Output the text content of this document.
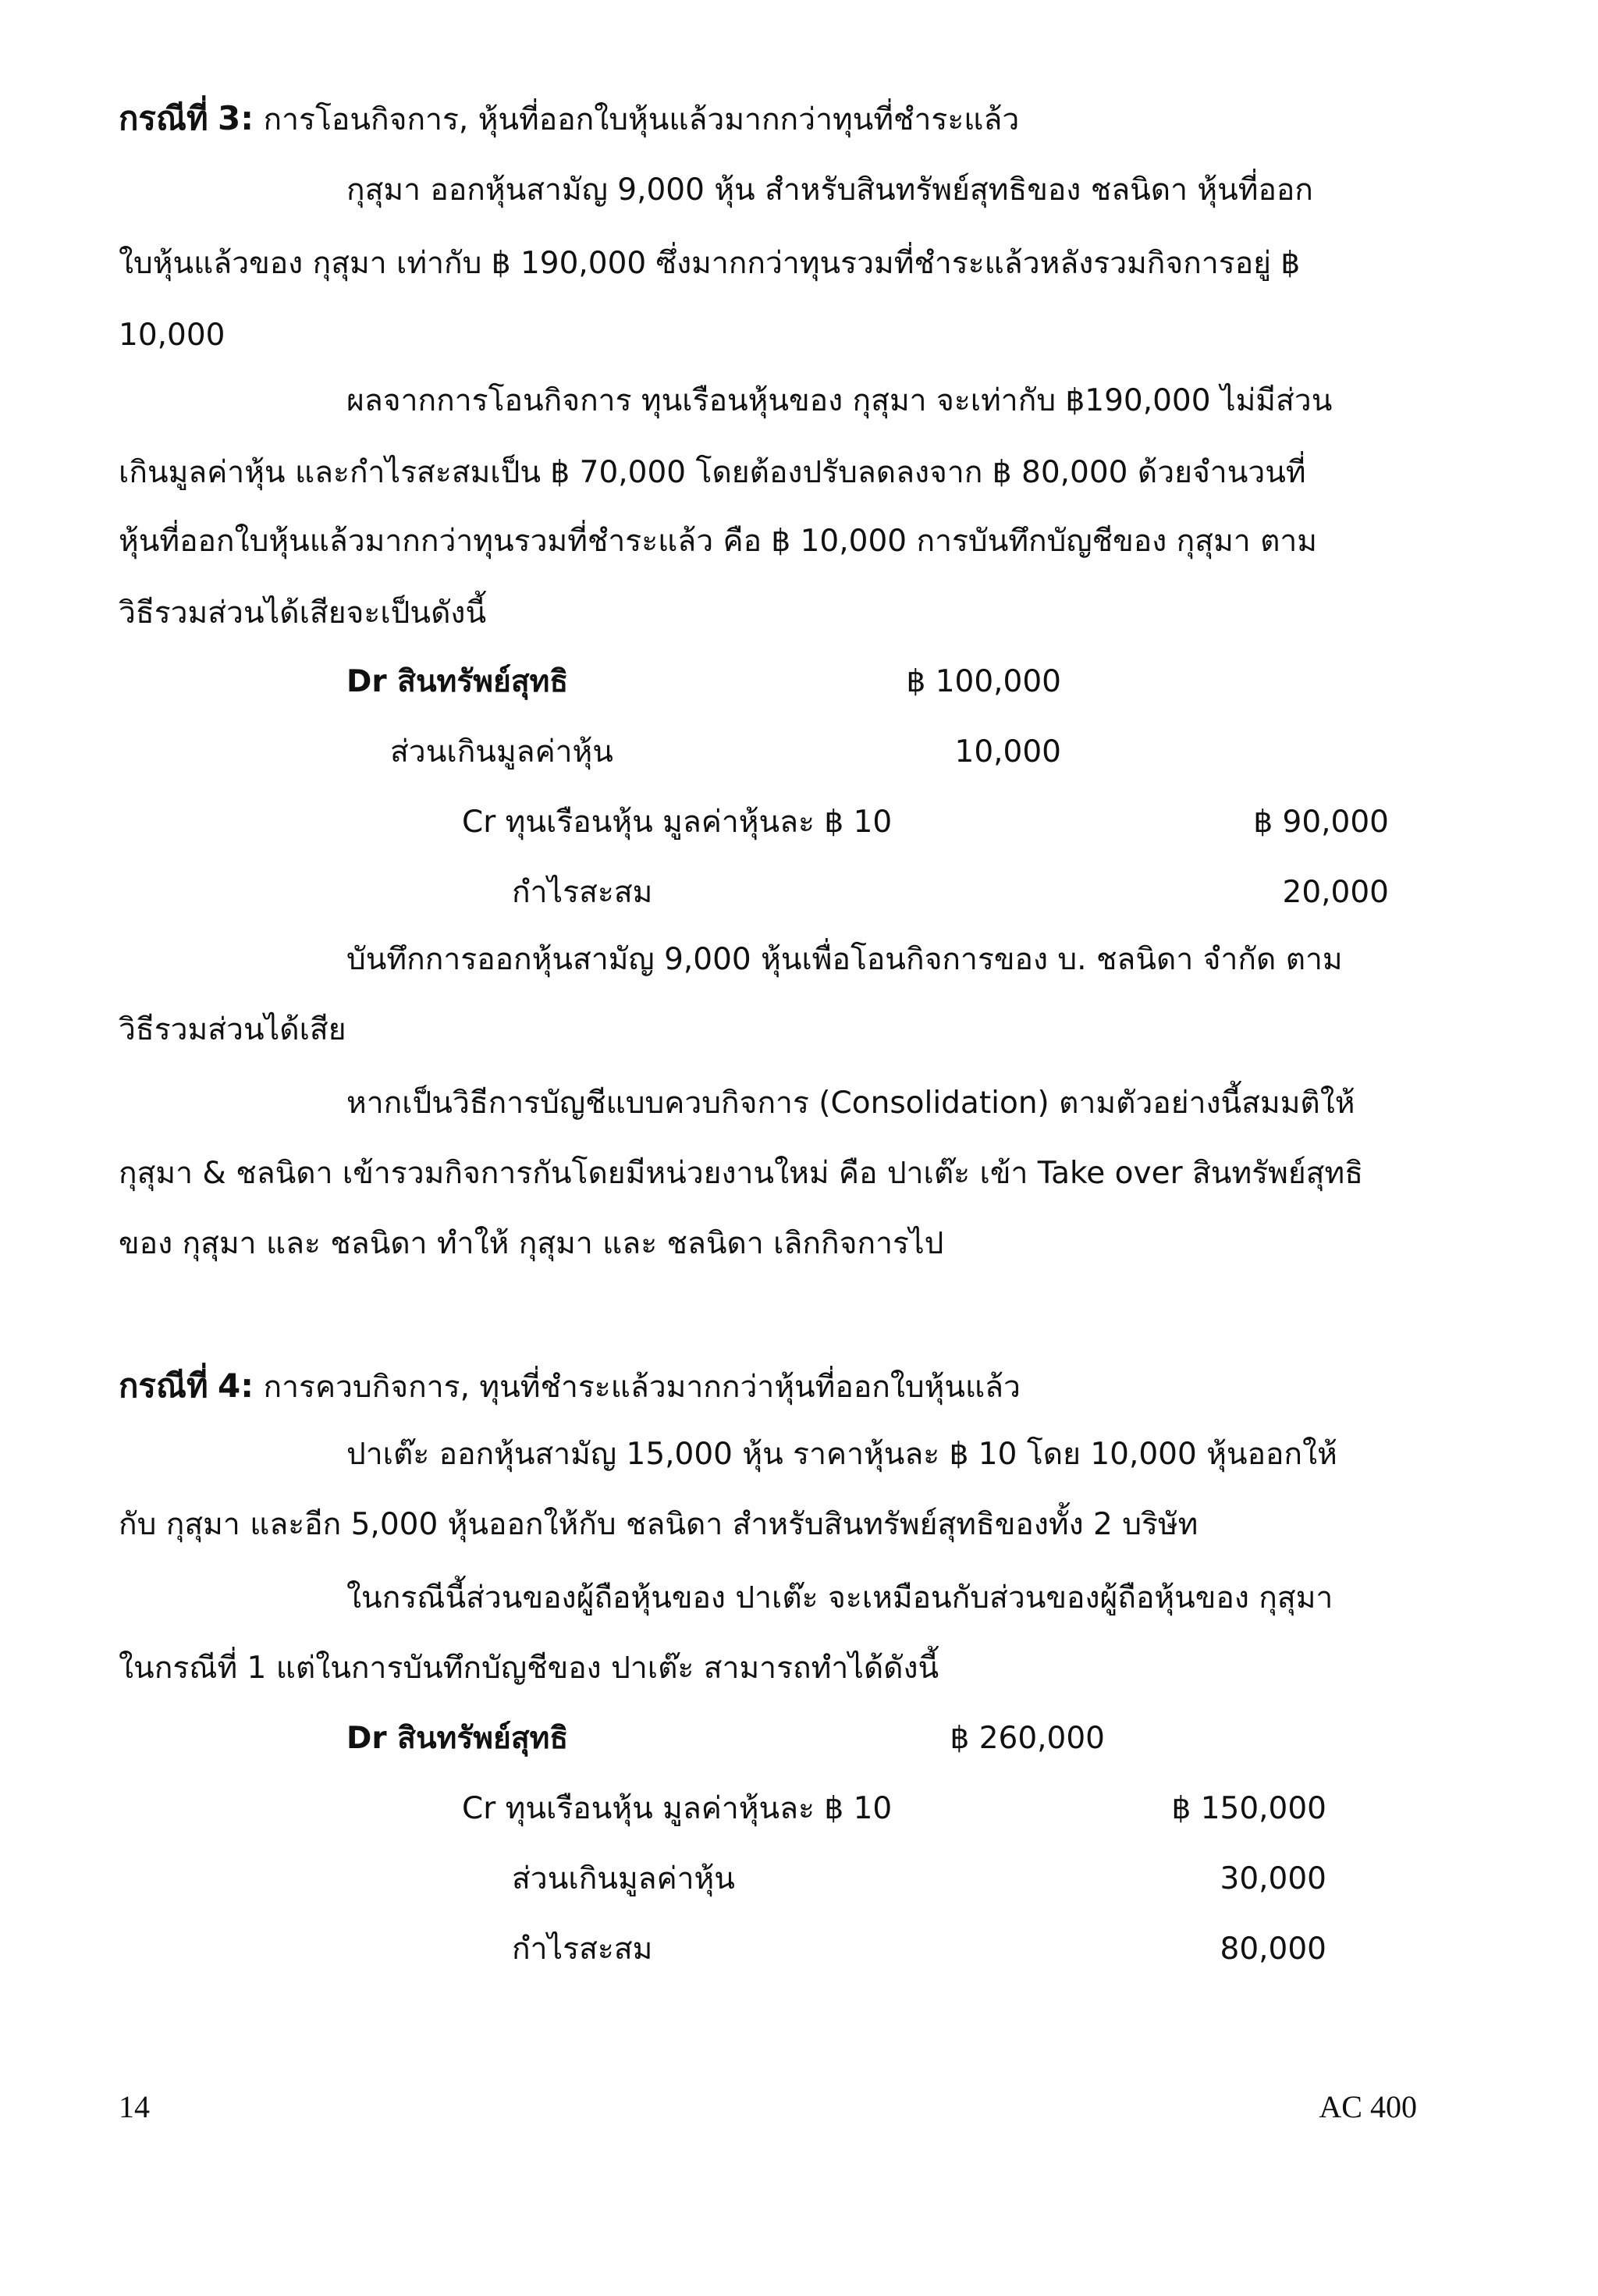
กรณีที่ 3: การโอนกิจการ, หุ้นที่ออกใบหุ้นแล้วมากกว่าทุนที่ชำระแล้ว
กุสุมา ออกหุ้นสามัญ 9,000 หุ้น สำหรับสินทรัพย์สุทธิของ ชลนิดา หุ้นที่ออก
ใบหุ้นแล้วของ กุสุมา เท่ากับ ฿ 190,000 ซึ่งมากกว่าทุนรวมที่ชำระแล้วหลังรวมกิจการอยู่ ฿
10,000
ผลจากการโอนกิจการ ทุนเรือนหุ้นของ กุสุมา จะเท่ากับ ฿190,000 ไม่มีส่วน
เกินมูลค่าหุ้น และกำไรสะสมเป็น ฿ 70,000 โดยต้องปรับลดลงจาก ฿ 80,000 ด้วยจำนวนที่
หุ้นที่ออกใบหุ้นแล้วมากกว่าทุนรวมที่ชำระแล้ว คือ ฿ 10,000 การบันทึกบัญชีของ กุสุมา ตาม
วิธีรวมส่วนได้เสียจะเป็นดังนี้
Dr สินทรัพย์สุทธิ	฿ 100,000
ส่วนเกินมูลค่าหุ้น	10,000
Cr ทุนเรือนหุ้น มูลค่าหุ้นละ ฿ 10	฿ 90,000
กำไรสะสม	20,000
บันทึกการออกหุ้นสามัญ 9,000 หุ้นเพื่อโอนกิจการของ บ. ชลนิดา จำกัด ตาม
วิธีรวมส่วนได้เสีย
หากเป็นวิธีการบัญชีแบบควบกิจการ (Consolidation) ตามตัวอย่างนี้สมมติให้
กุสุมา & ชลนิดา เข้ารวมกิจการกันโดยมีหน่วยงานใหม่ คือ ปาเต๊ะ เข้า Take over สินทรัพย์สุทธิ
ของ กุสุมา และ ชลนิดา ทำให้ กุสุมา และ ชลนิดา เลิกกิจการไป
กรณีที่ 4: การควบกิจการ, ทุนที่ชำระแล้วมากกว่าหุ้นที่ออกใบหุ้นแล้ว
ปาเต๊ะ ออกหุ้นสามัญ 15,000 หุ้น ราคาหุ้นละ ฿ 10 โดย 10,000 หุ้นออกให้
กับ กุสุมา และอีก 5,000 หุ้นออกให้กับ ชลนิดา สำหรับสินทรัพย์สุทธิของทั้ง 2 บริษัท
ในกรณีนี้ส่วนของผู้ถือหุ้นของ ปาเต๊ะ จะเหมือนกับส่วนของผู้ถือหุ้นของ กุสุมา
ในกรณีที่ 1 แต่ในการบันทึกบัญชีของ ปาเต๊ะ สามารถทำได้ดังนี้
Dr สินทรัพย์สุทธิ	฿ 260,000
Cr ทุนเรือนหุ้น มูลค่าหุ้นละ ฿ 10	฿ 150,000
ส่วนเกินมูลค่าหุ้น	30,000
กำไรสะสม	80,000
14	AC 400
